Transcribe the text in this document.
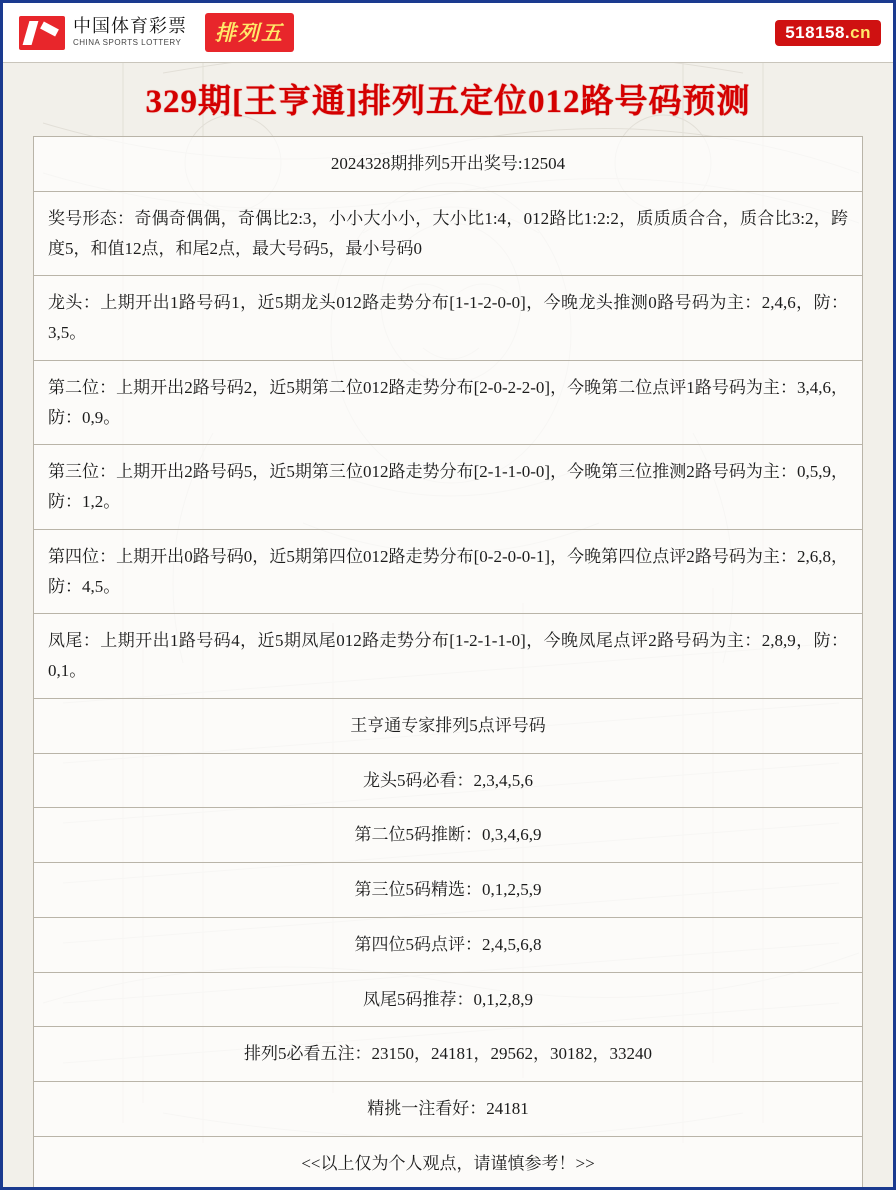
中国体育彩票
CHINA SPORTS LOTTERY	排列五	518158.cn
329期[王亨通]排列五定位012路号码预测
2024328期排列5开出奖号:12504
奖号形态：奇偶奇偶偶，奇偶比2:3，小小大小小，大小比1:4，012路比1:2:2，质质质合合，质合比3:2，跨度5，和值12点，和尾2点，最大号码5，最小号码0
龙头：上期开出1路号码1，近5期龙头012路走势分布[1-1-2-0-0]，今晚龙头推测0路号码为主：2,4,6，防：3,5。
第二位：上期开出2路号码2，近5期第二位012路走势分布[2-0-2-2-0]，今晚第二位点评1路号码为主：3,4,6，防：0,9。
第三位：上期开出2路号码5，近5期第三位012路走势分布[2-1-1-0-0]，今晚第三位推测2路号码为主：0,5,9，防：1,2。
第四位：上期开出0路号码0，近5期第四位012路走势分布[0-2-0-0-1]，今晚第四位点评2路号码为主：2,6,8，防：4,5。
凤尾：上期开出1路号码4，近5期凤尾012路走势分布[1-2-1-1-0]，今晚凤尾点评2路号码为主：2,8,9，防：0,1。
王亨通专家排列5点评号码
龙头5码必看：2,3,4,5,6
第二位5码推断：0,3,4,6,9
第三位5码精选：0,1,2,5,9
第四位5码点评：2,4,5,6,8
凤尾5码推荐：0,1,2,8,9
排列5必看五注：23150，24181，29562，30182，33240
精挑一注看好：24181
<<以上仅为个人观点，请谨慎参考！>>
